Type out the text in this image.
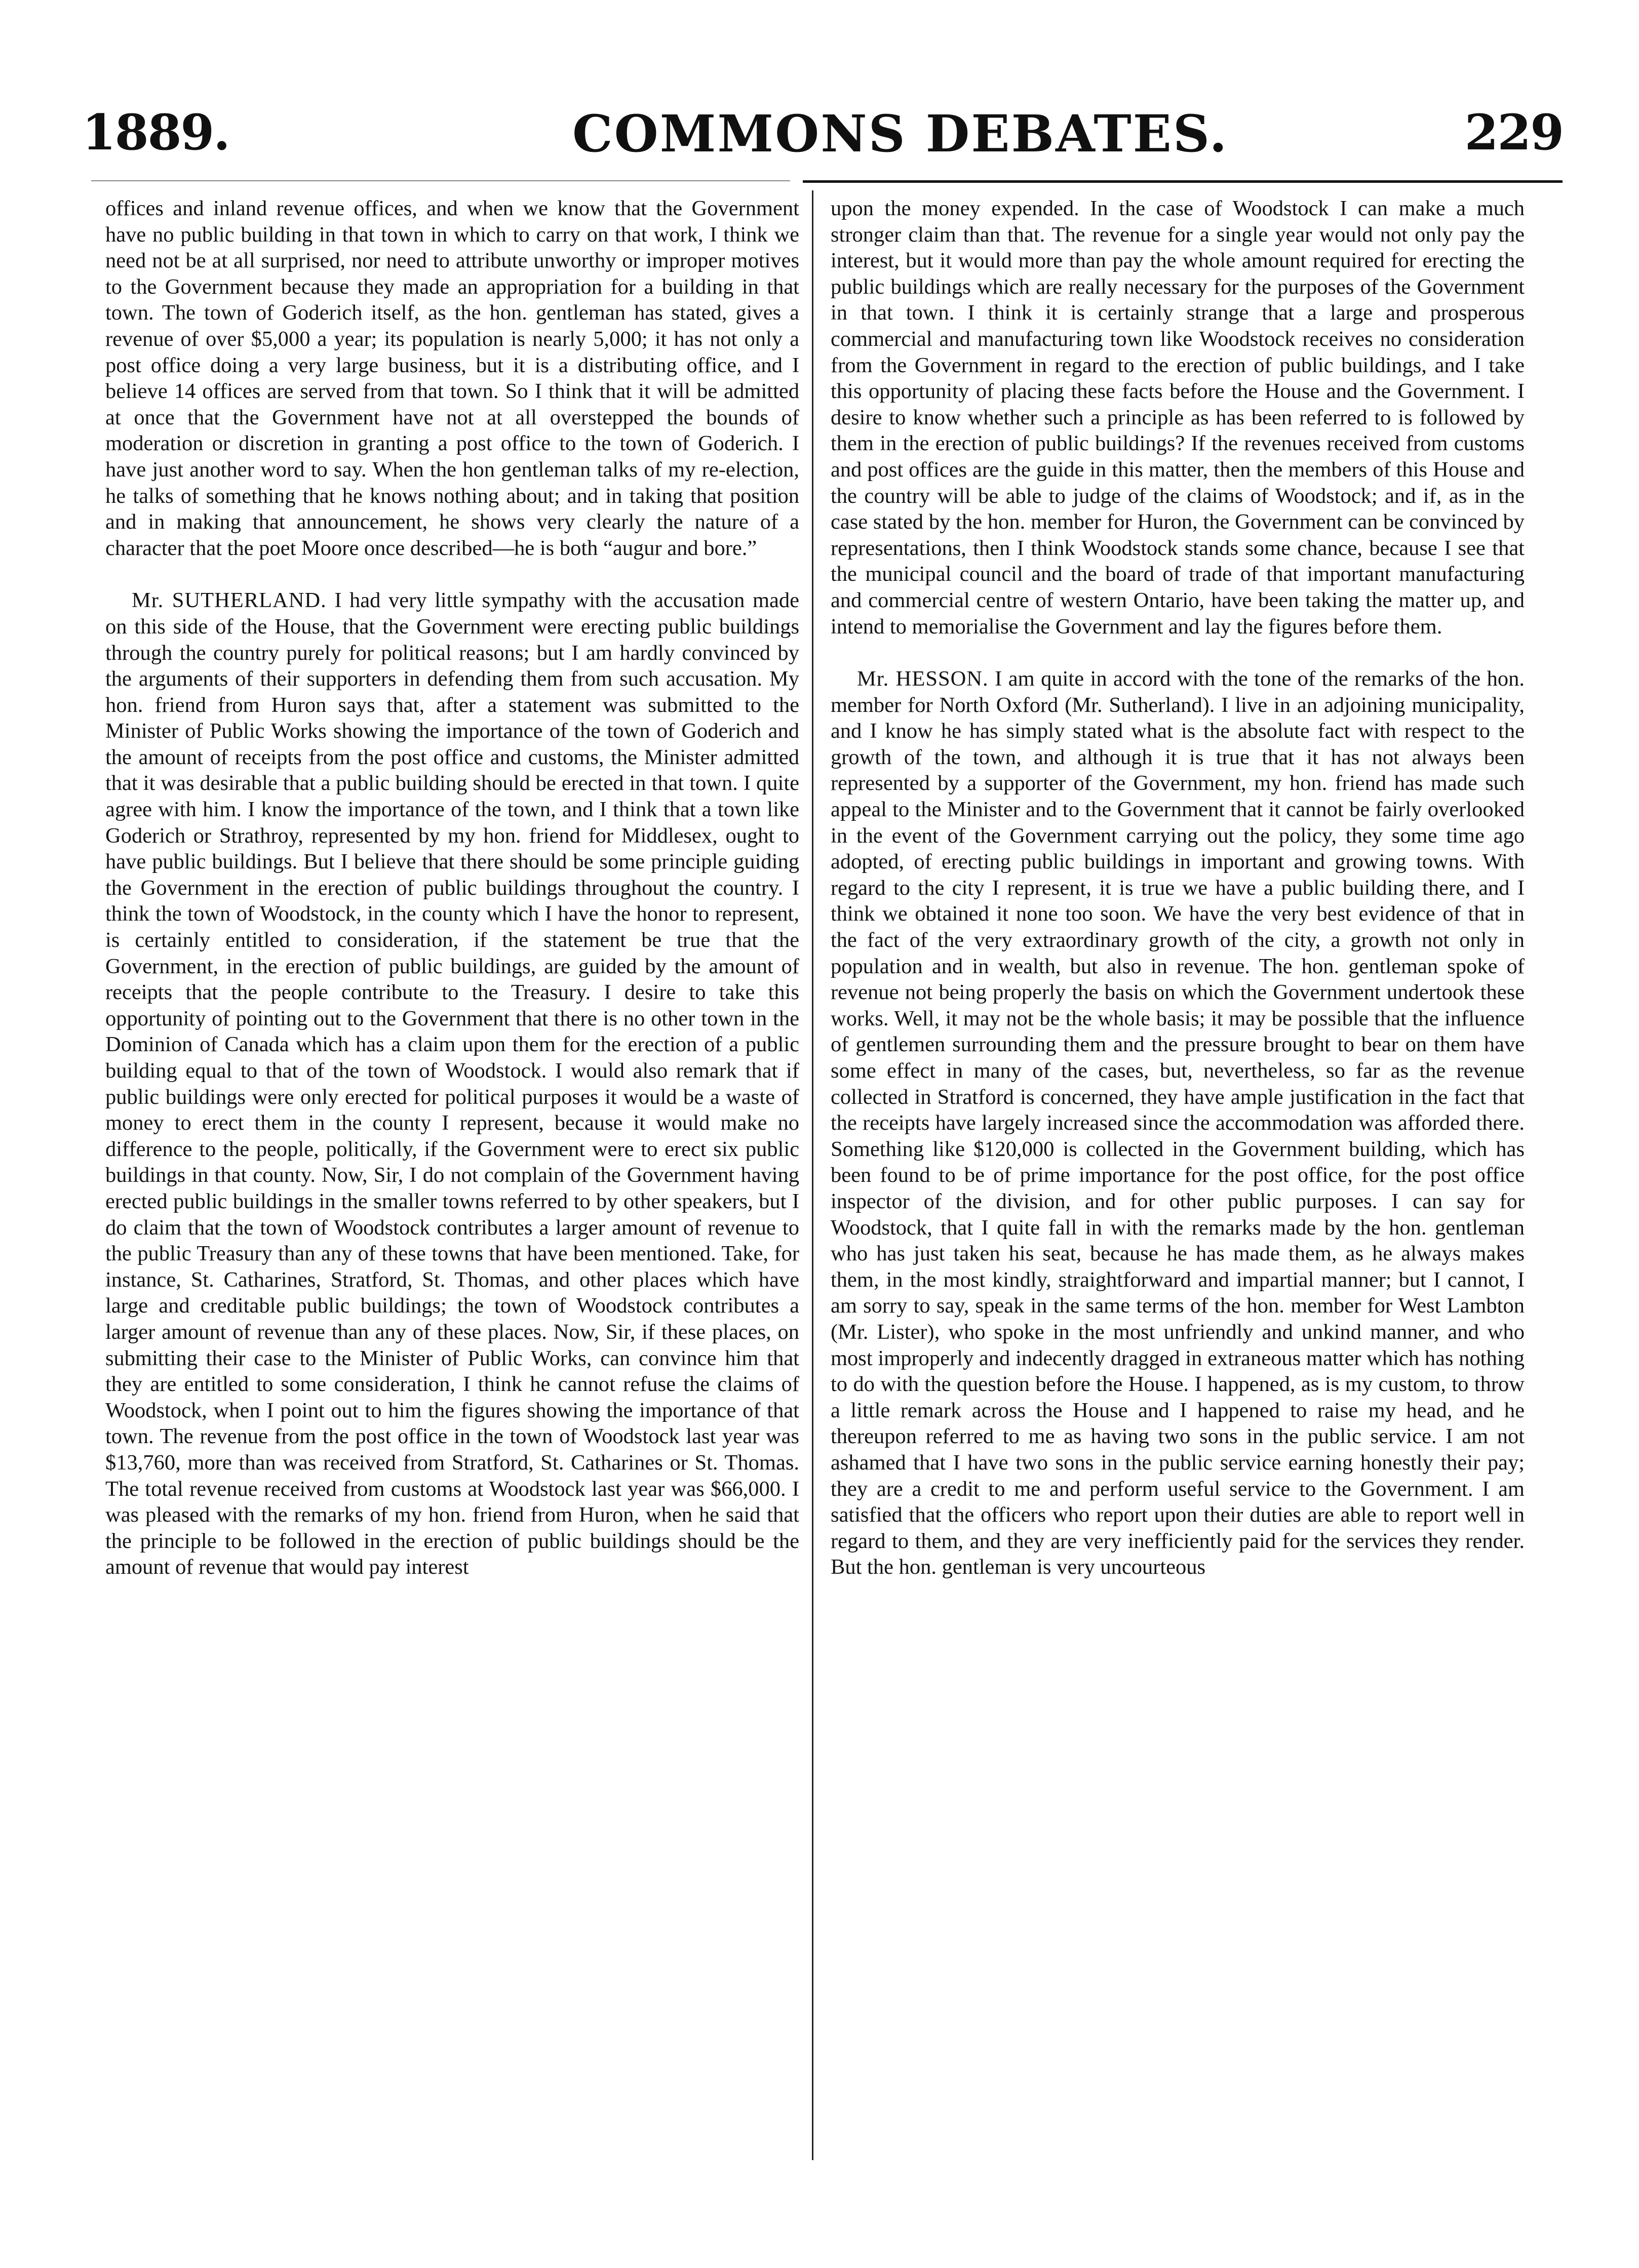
1889.	COMMONS DEBATES.	229

offices and inland revenue offices, and when we know that the Government have no public building in that town in which to carry on that work, I think we need not be at all surprised, nor need to attribute unworthy or improper motives to the Government because they made an appropriation for a building in that town. The town of Goderich itself, as the hon. gentleman has stated, gives a revenue of over $5,000 a year; its population is nearly 5,000; it has not only a post office doing a very large business, but it is a distributing office, and I believe 14 offices are served from that town. So I think that it will be admitted at once that the Government have not at all overstepped the bounds of moderation or discretion in granting a post office to the town of Goderich. I have just another word to say. When the hon gentleman talks of my re-election, he talks of something that he knows nothing about; and in taking that position and in making that announcement, he shows very clearly the nature of a character that the poet Moore once described—he is both “augur and bore.”

Mr. SUTHERLAND. I had very little sympathy with the accusation made on this side of the House, that the Government were erecting public buildings through the country purely for political reasons; but I am hardly convinced by the arguments of their supporters in defending them from such accusation. My hon. friend from Huron says that, after a statement was submitted to the Minister of Public Works showing the importance of the town of Goderich and the amount of receipts from the post office and customs, the Minister admitted that it was desirable that a public building should be erected in that town. I quite agree with him. I know the importance of the town, and I think that a town like Goderich or Strathroy, represented by my hon. friend for Middlesex, ought to have public buildings. But I believe that there should be some principle guiding the Government in the erection of public buildings throughout the country. I think the town of Woodstock, in the county which I have the honor to represent, is certainly entitled to consideration, if the statement be true that the Government, in the erection of public buildings, are guided by the amount of receipts that the people contribute to the Treasury. I desire to take this opportunity of pointing out to the Government that there is no other town in the Dominion of Canada which has a claim upon them for the erection of a public building equal to that of the town of Woodstock. I would also remark that if public buildings were only erected for political purposes it would be a waste of money to erect them in the county I represent, because it would make no difference to the people, politically, if the Government were to erect six public buildings in that county. Now, Sir, I do not complain of the Government having erected public buildings in the smaller towns referred to by other speakers, but I do claim that the town of Woodstock contributes a larger amount of revenue to the public Treasury than any of these towns that have been mentioned. Take, for instance, St. Catharines, Stratford, St. Thomas, and other places which have large and creditable public buildings; the town of Woodstock contributes a larger amount of revenue than any of these places. Now, Sir, if these places, on submitting their case to the Minister of Public Works, can convince him that they are entitled to some consideration, I think he cannot refuse the claims of Woodstock, when I point out to him the figures showing the importance of that town. The revenue from the post office in the town of Woodstock last year was $13,760, more than was received from Stratford, St. Catharines or St. Thomas. The total revenue received from customs at Woodstock last year was $66,000. I was pleased with the remarks of my hon. friend from Huron, when he said that the principle to be followed in the erection of public buildings should be the amount of revenue that would pay interest

upon the money expended. In the case of Woodstock I can make a much stronger claim than that. The revenue for a single year would not only pay the interest, but it would more than pay the whole amount required for erecting the public buildings which are really necessary for the purposes of the Government in that town. I think it is certainly strange that a large and prosperous commercial and manufacturing town like Woodstock receives no consideration from the Government in regard to the erection of public buildings, and I take this opportunity of placing these facts before the House and the Government. I desire to know whether such a principle as has been referred to is followed by them in the erection of public buildings? If the revenues received from customs and post offices are the guide in this matter, then the members of this House and the country will be able to judge of the claims of Woodstock; and if, as in the case stated by the hon. member for Huron, the Government can be convinced by representations, then I think Woodstock stands some chance, because I see that the municipal council and the board of trade of that important manufacturing and commercial centre of western Ontario, have been taking the matter up, and intend to memorialise the Government and lay the figures before them.

Mr. HESSON. I am quite in accord with the tone of the remarks of the hon. member for North Oxford (Mr. Sutherland). I live in an adjoining municipality, and I know he has simply stated what is the absolute fact with respect to the growth of the town, and although it is true that it has not always been represented by a supporter of the Government, my hon. friend has made such appeal to the Minister and to the Government that it cannot be fairly overlooked in the event of the Government carrying out the policy, they some time ago adopted, of erecting public buildings in important and growing towns. With regard to the city I represent, it is true we have a public building there, and I think we obtained it none too soon. We have the very best evidence of that in the fact of the very extraordinary growth of the city, a growth not only in population and in wealth, but also in revenue. The hon. gentleman spoke of revenue not being properly the basis on which the Government undertook these works. Well, it may not be the whole basis; it may be possible that the influence of gentlemen surrounding them and the pressure brought to bear on them have some effect in many of the cases, but, nevertheless, so far as the revenue collected in Stratford is concerned, they have ample justification in the fact that the receipts have largely increased since the accommodation was afforded there. Something like $120,000 is collected in the Government building, which has been found to be of prime importance for the post office, for the post office inspector of the division, and for other public purposes. I can say for Woodstock, that I quite fall in with the remarks made by the hon. gentleman who has just taken his seat, because he has made them, as he always makes them, in the most kindly, straightforward and impartial manner; but I cannot, I am sorry to say, speak in the same terms of the hon. member for West Lambton (Mr. Lister), who spoke in the most unfriendly and unkind manner, and who most improperly and indecently dragged in extraneous matter which has nothing to do with the question before the House. I happened, as is my custom, to throw a little remark across the House and I happened to raise my head, and he thereupon referred to me as having two sons in the public service. I am not ashamed that I have two sons in the public service earning honestly their pay; they are a credit to me and perform useful service to the Government. I am satisfied that the officers who report upon their duties are able to report well in regard to them, and they are very inefficiently paid for the services they render. But the hon. gentleman is very uncourteous
